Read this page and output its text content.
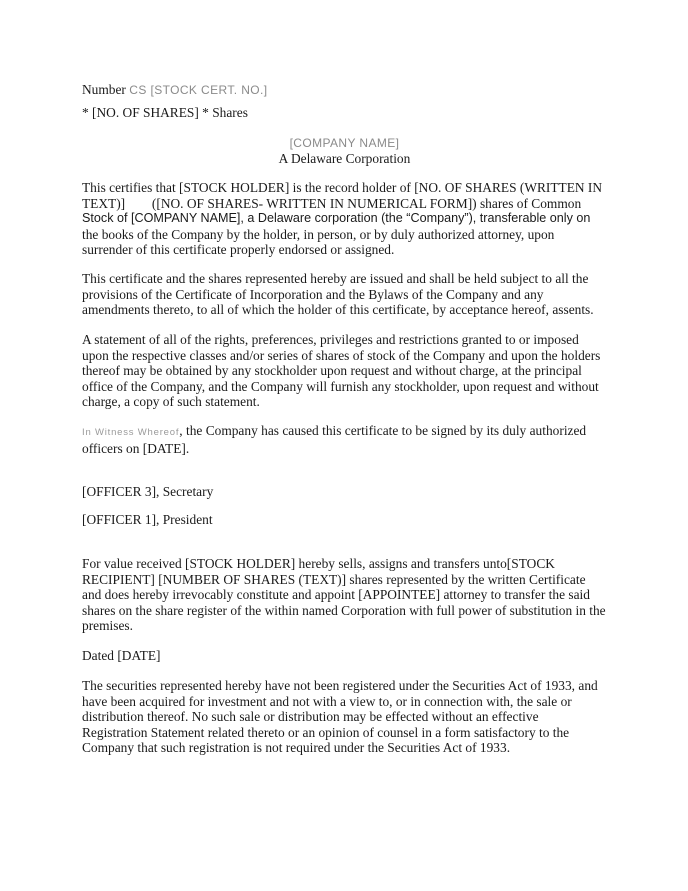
Number CS [STOCK CERT. NO.]

* [NO. OF SHARES] * Shares

[COMPANY NAME]

A Delaware Corporation

This certifies that [STOCK HOLDER] is the record holder of [NO. OF SHARES (WRITTEN IN
TEXT)]        ([NO. OF SHARES- WRITTEN IN NUMERICAL FORM]) shares of Common
Stock of [COMPANY NAME], a Delaware corporation (the “Company”), transferable only on
the books of the Company by the holder, in person, or by duly authorized attorney, upon
surrender of this certificate properly endorsed or assigned.

This certificate and the shares represented hereby are issued and shall be held subject to all the provisions of the Certificate of Incorporation and the Bylaws of the Company and any amendments thereto, to all of which the holder of this certificate, by acceptance hereof, assents.

A statement of all of the rights, preferences, privileges and restrictions granted to or imposed upon the respective classes and/or series of shares of stock of the Company and upon the holders thereof may be obtained by any stockholder upon request and without charge, at the principal office of the Company, and the Company will furnish any stockholder, upon request and without charge, a copy of such statement.

In Witness Whereof, the Company has caused this certificate to be signed by its duly authorized officers on [DATE].

[OFFICER 3], Secretary

[OFFICER 1], President

For value received [STOCK HOLDER] hereby sells, assigns and transfers unto[STOCK RECIPIENT] [NUMBER OF SHARES (TEXT)] shares represented by the written Certificate and does hereby irrevocably constitute and appoint [APPOINTEE] attorney to transfer the said shares on the share register of the within named Corporation with full power of substitution in the premises.

Dated [DATE]

The securities represented hereby have not been registered under the Securities Act of 1933, and have been acquired for investment and not with a view to, or in connection with, the sale or distribution thereof. No such sale or distribution may be effected without an effective Registration Statement related thereto or an opinion of counsel in a form satisfactory to the Company that such registration is not required under the Securities Act of 1933.
